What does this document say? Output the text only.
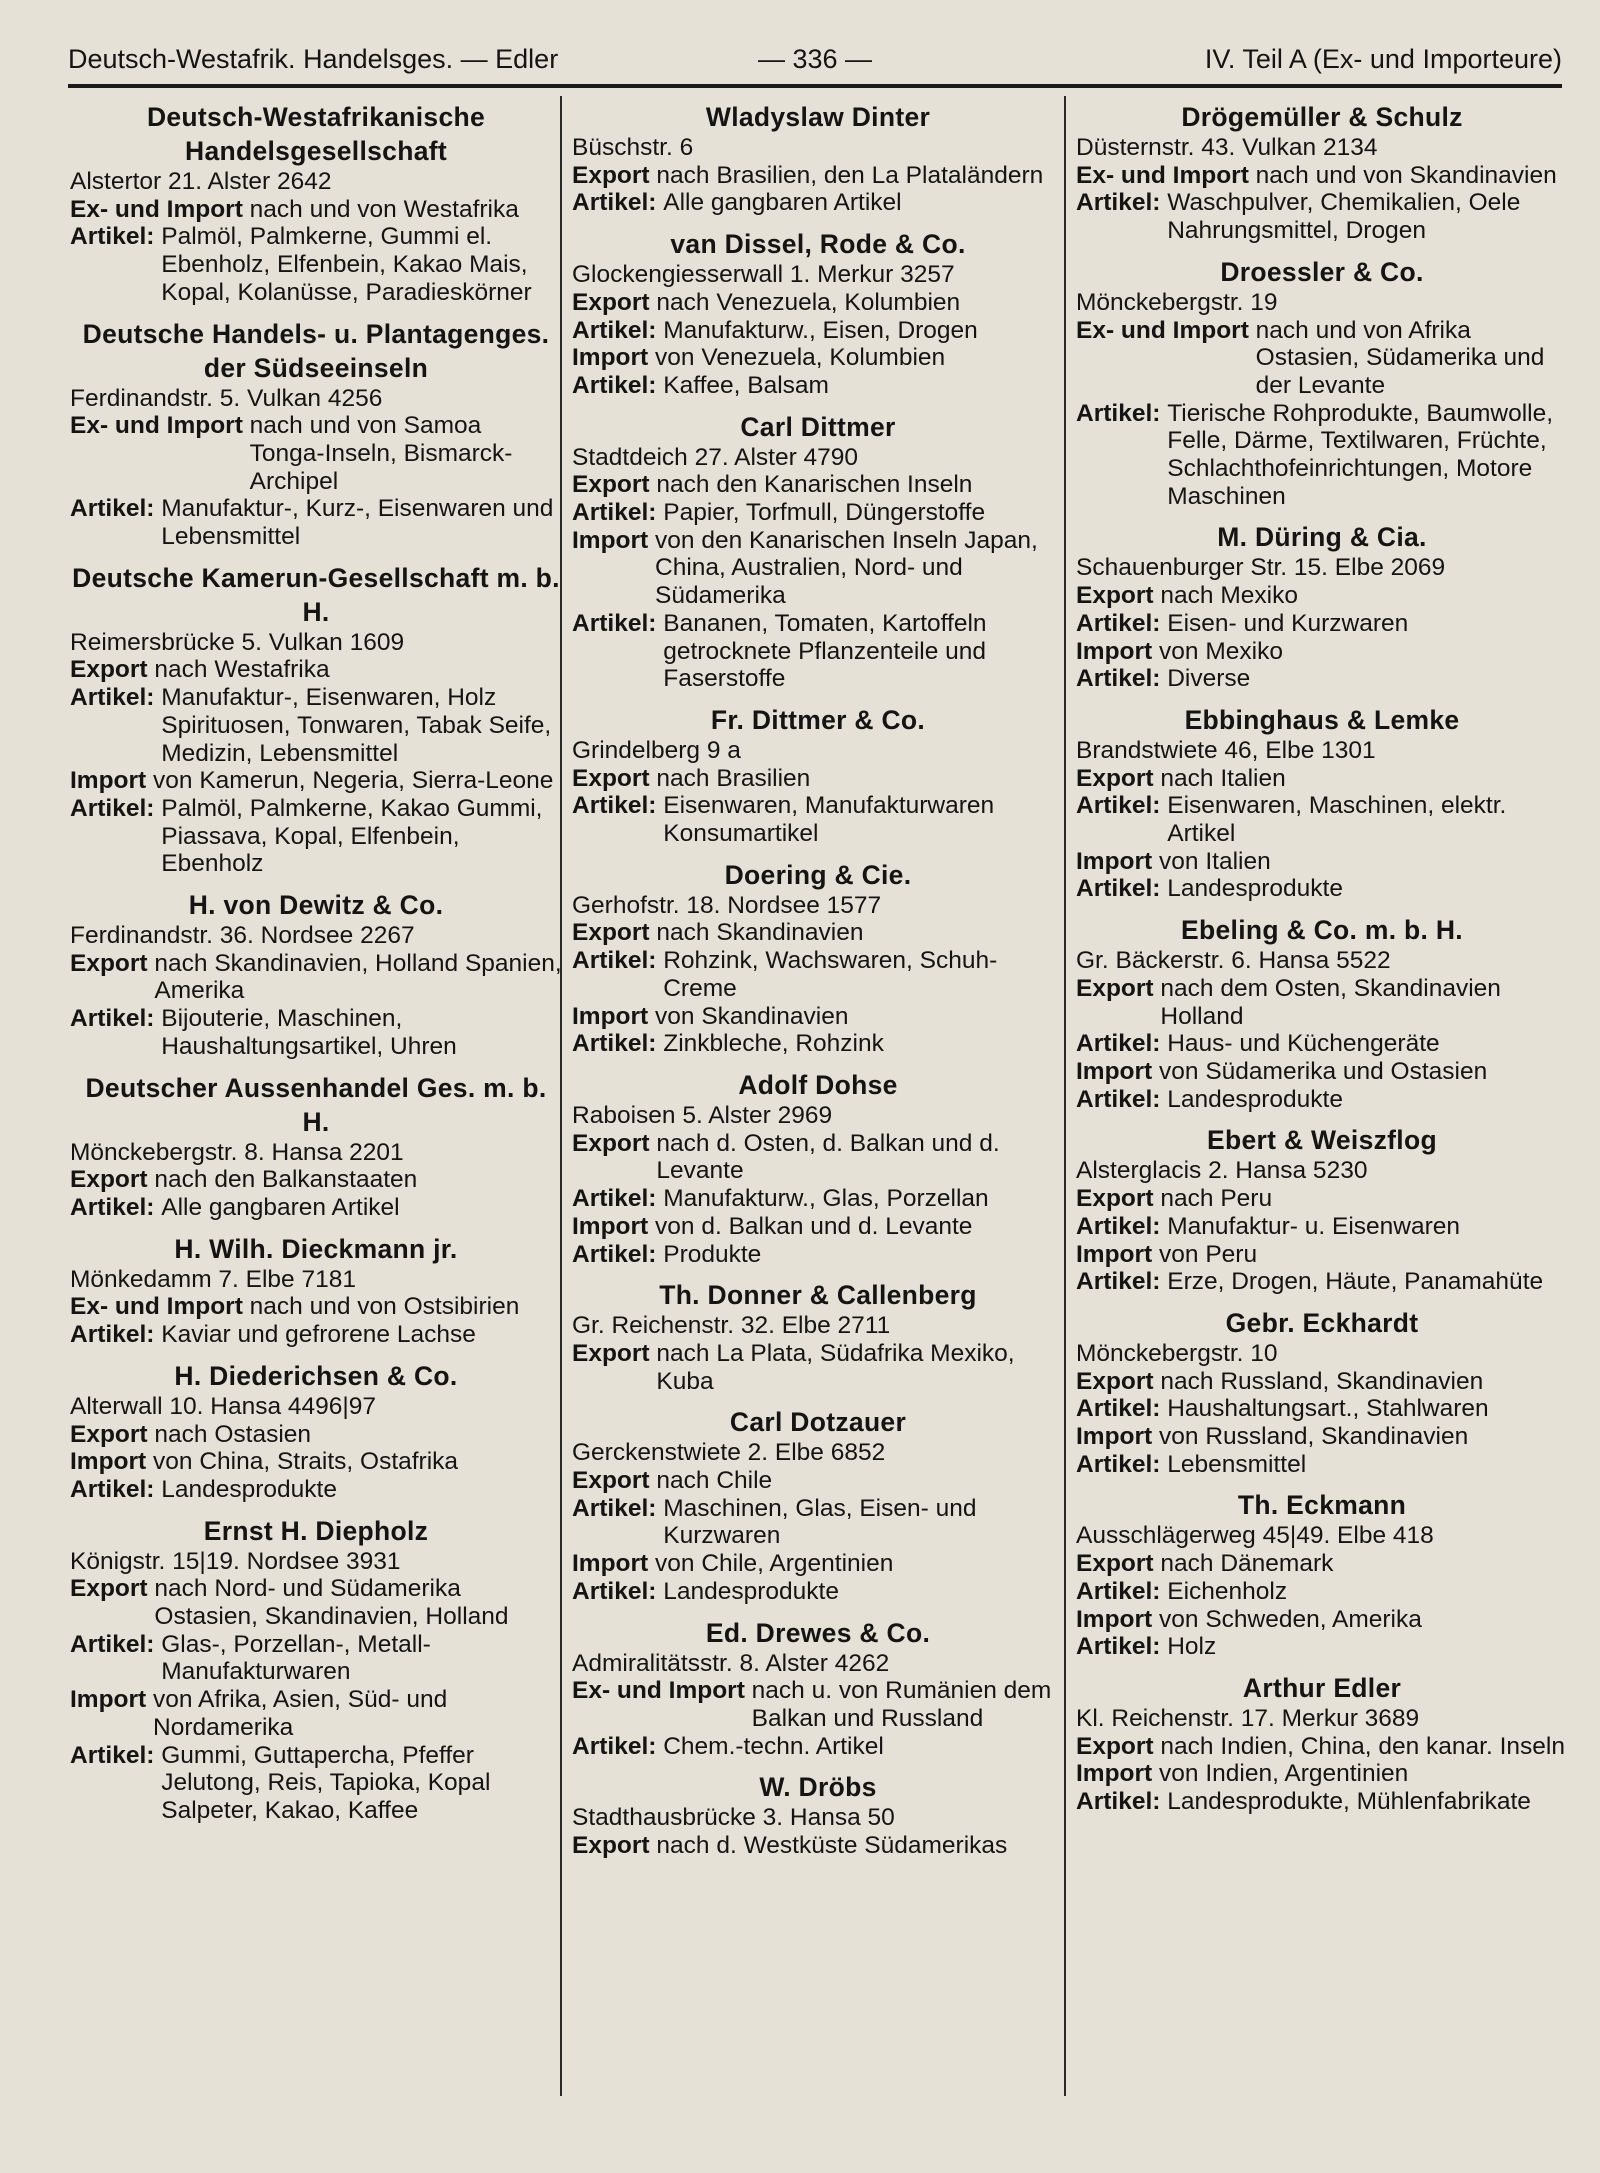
Deutsch-Westafrik. Handelsges. — Edler	— 336 —	IV. Teil A (Ex- und Importeure)
Deutsch-Westafrikanische Handelsgesellschaft
Alstertor 21. Alster 2642
Ex- und Import nach und von Westafrika
Artikel: Palmöl, Palmkerne, Gummi el. Ebenholz, Elfenbein, Kakao Mais, Kopal, Kolanüsse, Paradieskörner
Deutsche Handels- u. Plantagenges. der Südseeinseln
Ferdinandstr. 5. Vulkan 4256
Ex- und Import nach und von Samoa Tonga-Inseln, Bismarck-Archipel
Artikel: Manufaktur-, Kurz-, Eisenwaren und Lebensmittel
Deutsche Kamerun-Gesellschaft m. b. H.
Reimersbrücke 5. Vulkan 1609
Export nach Westafrika
Artikel: Manufaktur-, Eisenwaren, Holz Spirituosen, Tonwaren, Tabak Seife, Medizin, Lebensmittel
Import von Kamerun, Negeria, Sierra-Leone
Artikel: Palmöl, Palmkerne, Kakao Gummi, Piassava, Kopal, Elfenbein, Ebenholz
H. von Dewitz & Co.
Ferdinandstr. 36. Nordsee 2267
Export nach Skandinavien, Holland Spanien, Amerika
Artikel: Bijouterie, Maschinen, Haushaltungsartikel, Uhren
Deutscher Aussenhandel Ges. m. b. H.
Mönckebergstr. 8. Hansa 2201
Export nach den Balkanstaaten
Artikel: Alle gangbaren Artikel
H. Wilh. Dieckmann jr.
Mönkedamm 7. Elbe 7181
Ex- und Import nach und von Ostsibirien
Artikel: Kaviar und gefrorene Lachse
H. Diederichsen & Co.
Alterwall 10. Hansa 4496|97
Export nach Ostasien
Import von China, Straits, Ostafrika
Artikel: Landesprodukte
Ernst H. Diepholz
Königstr. 15|19. Nordsee 3931
Export nach Nord- und Südamerika Ostasien, Skandinavien, Holland
Artikel: Glas-, Porzellan-, Metall-Manufakturwaren
Import von Afrika, Asien, Süd- und Nordamerika
Artikel: Gummi, Guttapercha, Pfeffer Jelutong, Reis, Tapioka, Kopal Salpeter, Kakao, Kaffee
Wladyslaw Dinter
Büschstr. 6
Export nach Brasilien, den La Plataländern
Artikel: Alle gangbaren Artikel
van Dissel, Rode & Co.
Glockengiesserwall 1. Merkur 3257
Export nach Venezuela, Kolumbien
Artikel: Manufakturw., Eisen, Drogen
Import von Venezuela, Kolumbien
Artikel: Kaffee, Balsam
Carl Dittmer
Stadtdeich 27. Alster 4790
Export nach den Kanarischen Inseln
Artikel: Papier, Torfmull, Düngerstoffe
Import von den Kanarischen Inseln Japan, China, Australien, Nord- und Südamerika
Artikel: Bananen, Tomaten, Kartoffeln getrocknete Pflanzenteile und Faserstoffe
Fr. Dittmer & Co.
Grindelberg 9 a
Export nach Brasilien
Artikel: Eisenwaren, Manufakturwaren Konsumartikel
Doering & Cie.
Gerhofstr. 18. Nordsee 1577
Export nach Skandinavien
Artikel: Rohzink, Wachswaren, Schuh-Creme
Import von Skandinavien
Artikel: Zinkbleche, Rohzink
Adolf Dohse
Raboisen 5. Alster 2969
Export nach d. Osten, d. Balkan und d. Levante
Artikel: Manufakturw., Glas, Porzellan
Import von d. Balkan und d. Levante
Artikel: Produkte
Th. Donner & Callenberg
Gr. Reichenstr. 32. Elbe 2711
Export nach La Plata, Südafrika Mexiko, Kuba
Carl Dotzauer
Gerckenstwiete 2. Elbe 6852
Export nach Chile
Artikel: Maschinen, Glas, Eisen- und Kurzwaren
Import von Chile, Argentinien
Artikel: Landesprodukte
Ed. Drewes & Co.
Admiralitätsstr. 8. Alster 4262
Ex- und Import nach u. von Rumänien dem Balkan und Russland
Artikel: Chem.-techn. Artikel
W. Dröbs
Stadthausbrücke 3. Hansa 50
Export nach d. Westküste Südamerikas
Drögemüller & Schulz
Düsternstr. 43. Vulkan 2134
Ex- und Import nach und von Skandinavien
Artikel: Waschpulver, Chemikalien, Oele Nahrungsmittel, Drogen
Droessler & Co.
Mönckebergstr. 19
Ex- und Import nach und von Afrika Ostasien, Südamerika und der Levante
Artikel: Tierische Rohprodukte, Baumwolle, Felle, Därme, Textilwaren, Früchte, Schlachthofeinrichtungen, Motore Maschinen
M. Düring & Cia.
Schauenburger Str. 15. Elbe 2069
Export nach Mexiko
Artikel: Eisen- und Kurzwaren
Import von Mexiko
Artikel: Diverse
Ebbinghaus & Lemke
Brandstwiete 46, Elbe 1301
Export nach Italien
Artikel: Eisenwaren, Maschinen, elektr. Artikel
Import von Italien
Artikel: Landesprodukte
Ebeling & Co. m. b. H.
Gr. Bäckerstr. 6. Hansa 5522
Export nach dem Osten, Skandinavien Holland
Artikel: Haus- und Küchengeräte
Import von Südamerika und Ostasien
Artikel: Landesprodukte
Ebert & Weiszflog
Alsterglacis 2. Hansa 5230
Export nach Peru
Artikel: Manufaktur- u. Eisenwaren
Import von Peru
Artikel: Erze, Drogen, Häute, Panamahüte
Gebr. Eckhardt
Mönckebergstr. 10
Export nach Russland, Skandinavien
Artikel: Haushaltungsart., Stahlwaren
Import von Russland, Skandinavien
Artikel: Lebensmittel
Th. Eckmann
Ausschlägerweg 45|49. Elbe 418
Export nach Dänemark
Artikel: Eichenholz
Import von Schweden, Amerika
Artikel: Holz
Arthur Edler
Kl. Reichenstr. 17. Merkur 3689
Export nach Indien, China, den kanar. Inseln
Import von Indien, Argentinien
Artikel: Landesprodukte, Mühlenfabrikate
